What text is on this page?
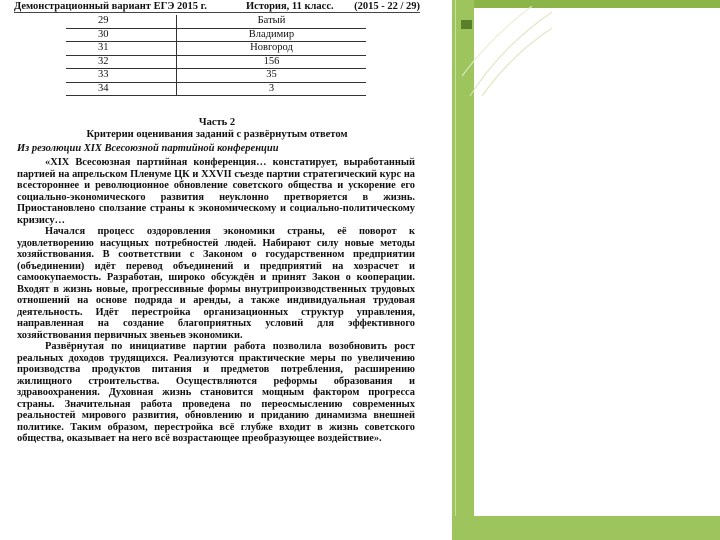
Демонстрационный вариант ЕГЭ 2015 г.	История, 11 класс. (2015 - 22 / 29)
29	Батый
30	Владимир
31	Новгород
32	156
33	35
34	3
Часть 2
Критерии оценивания заданий с развёрнутым ответом
Из резолюции XIX Всесоюзной партийной конференции

«XIX Всесоюзная партийная конференция… констатирует, выработанный партией на апрельском Пленуме ЦК и XXVII съезде партии стратегический курс на всестороннее и революционное обновление советского общества и ускорение его социально-экономического развития неуклонно претворяется в жизнь. Приостановлено сползание страны к экономическому и социально-политическому кризису…

Начался процесс оздоровления экономики страны, её поворот к удовлетворению насущных потребностей людей. Набирают силу новые методы хозяйствования. В соответствии с Законом о государственном предприятии (объединении) идёт перевод объединений и предприятий на хозрасчет и самоокупаемость. Разработан, широко обсуждён и принят Закон о кооперации. Входят в жизнь новые, прогрессивные формы внутрипроизводственных трудовых отношений на основе подряда и аренды, а также индивидуальная трудовая деятельность. Идёт перестройка организационных структур управления, направленная на создание благоприятных условий для эффективного хозяйствования первичных звеньев экономики.

Развёрнутая по инициативе партии работа позволила возобновить рост реальных доходов трудящихся. Реализуются практические меры по увеличению производства продуктов питания и предметов потребления, расширению жилищного строительства. Осуществляются реформы образования и здравоохранения. Духовная жизнь становится мощным фактором прогресса страны. Значительная работа проведена по переосмыслению современных реальностей мирового развития, обновлению и приданию динамизма внешней политике. Таким образом, перестройка всё глубже входит в жизнь советского общества, оказывает на него всё возрастающее преобразующее воздействие».
